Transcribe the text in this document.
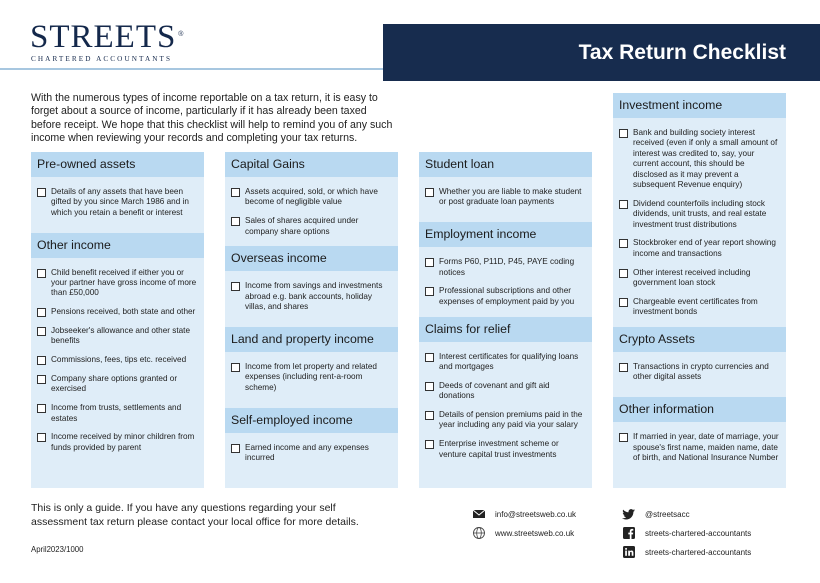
STREETS ®
CHARTERED ACCOUNTANTS	Tax Return Checklist
With the numerous types of income reportable on a tax return, it is easy to forget about a source of income, particularly if it has already been taxed before receipt. We hope that this checklist will help to remind you of any such income when reviewing your records and completing your tax returns.
Pre-owned assets
Details of any assets that have been gifted by you since March 1986 and in which you retain a benefit or interest
Other income
Child benefit received if either you or your partner have gross income of more than £50,000
Pensions received, both state and other
Jobseeker's allowance and other state benefits
Commissions, fees, tips etc. received
Company share options granted or exercised
Income from trusts, settlements and estates
Income received by minor children from funds provided by parent
Capital Gains
Assets acquired, sold, or which have become of negligible value
Sales of shares acquired under company share options
Overseas income
Income from savings and investments abroad e.g. bank accounts, holiday villas, and shares
Land and property income
Income from let property and related expenses (including rent-a-room scheme)
Self-employed income
Earned income and any expenses incurred
Student loan
Whether you are liable to make student or post graduate loan payments
Employment income
Forms P60, P11D, P45, PAYE coding notices
Professional subscriptions and other expenses of employment paid by you
Claims for relief
Interest certificates for qualifying loans and mortgages
Deeds of covenant and gift aid donations
Details of pension premiums paid in the year including any paid via your salary
Enterprise investment scheme or venture capital trust investments
Investment income
Bank and building society interest received (even if only a small amount of interest was credited to, say, your current account, this should be disclosed as it may prevent a subsequent Revenue enquiry)
Dividend counterfoils including stock dividends, unit trusts, and real estate investment trust distributions
Stockbroker end of year report showing income and transactions
Other interest received including government loan stock
Chargeable event certificates from investment bonds
Crypto Assets
Transactions in crypto currencies and other digital assets
Other information
If married in year, date of marriage, your spouse's first name, maiden name, date of birth, and National Insurance Number
This is only a guide. If you have any questions regarding your self assessment tax return please contact your local office for more details.
April2023/1000
info@streetsweb.co.uk
www.streetsweb.co.uk
@streetsacc
streets-chartered-accountants
streets-chartered-accountants
